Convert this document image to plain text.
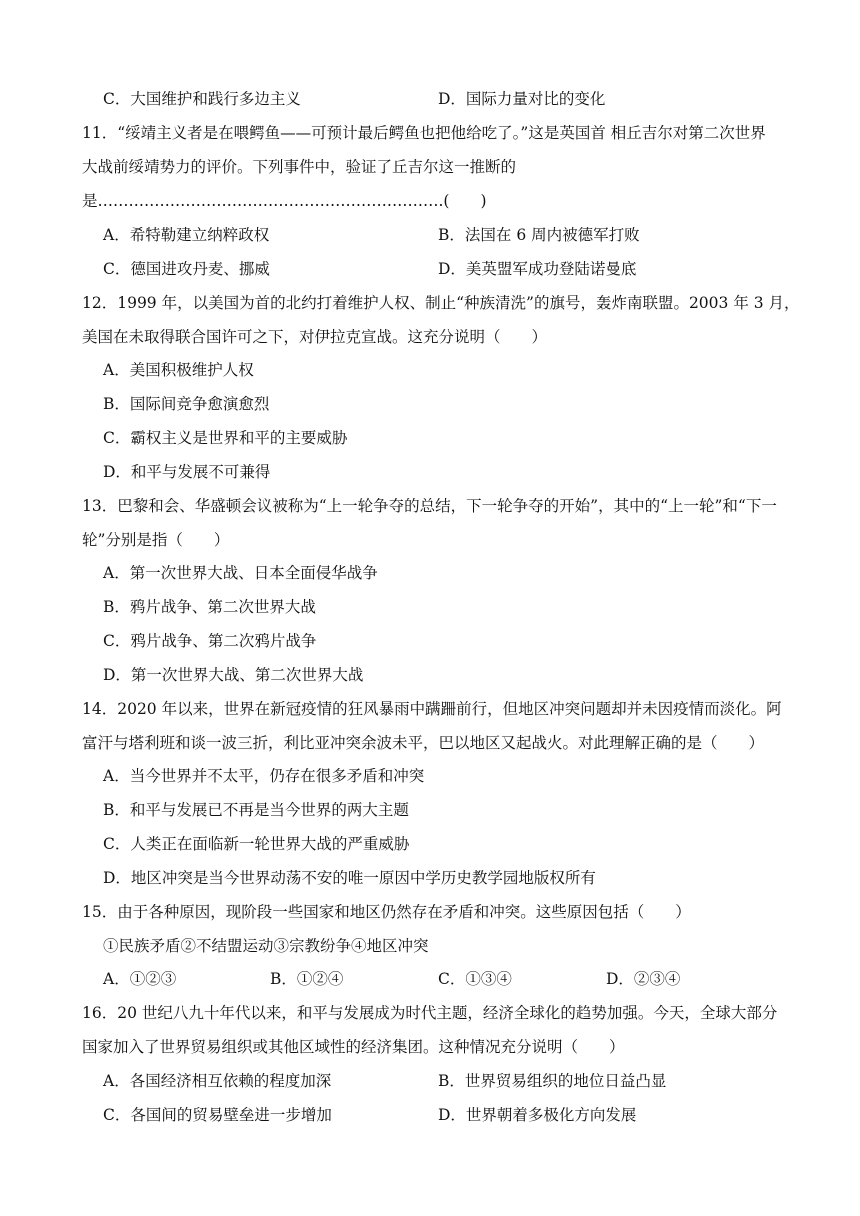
C．大国维护和践行多边主义	D．国际力量对比的变化
11．“绥靖主义者是在喂鳄鱼——可预计最后鳄鱼也把他给吃了。”这是英国首 相丘吉尔对第二次世界
大战前绥靖势力的评价。下列事件中，验证了丘吉尔这一推断的
是………………………………………………………….(　　)
A．希特勒建立纳粹政权	B．法国在 6 周内被德军打败
C．德国进攻丹麦、挪威	D．美英盟军成功登陆诺曼底
12．1999 年，以美国为首的北约打着维护人权、制止“种族清洗”的旗号，轰炸南联盟。2003 年 3 月，
美国在未取得联合国许可之下，对伊拉克宣战。这充分说明（　　）
A．美国积极维护人权
B．国际间竞争愈演愈烈
C．霸权主义是世界和平的主要威胁
D．和平与发展不可兼得
13．巴黎和会、华盛顿会议被称为“上一轮争夺的总结，下一轮争夺的开始”，其中的“上一轮”和“下一
轮”分别是指（　　）
A．第一次世界大战、日本全面侵华战争
B．鸦片战争、第二次世界大战
C．鸦片战争、第二次鸦片战争
D．第一次世界大战、第二次世界大战
14．2020 年以来，世界在新冠疫情的狂风暴雨中蹒跚前行，但地区冲突问题却并未因疫情而淡化。阿
富汗与塔利班和谈一波三折，利比亚冲突余波未平，巴以地区又起战火。对此理解正确的是（　　）
A．当今世界并不太平，仍存在很多矛盾和冲突
B．和平与发展已不再是当今世界的两大主题
C．人类正在面临新一轮世界大战的严重威胁
D．地区冲突是当今世界动荡不安的唯一原因中学历史教学园地版权所有
15．由于各种原因，现阶段一些国家和地区仍然存在矛盾和冲突。这些原因包括（　　）
①民族矛盾②不结盟运动③宗教纷争④地区冲突
A．①②③	B．①②④	C．①③④	D．②③④
16．20 世纪八九十年代以来，和平与发展成为时代主题，经济全球化的趋势加强。今天，全球大部分
国家加入了世界贸易组织或其他区域性的经济集团。这种情况充分说明（　　）
A．各国经济相互依赖的程度加深	B．世界贸易组织的地位日益凸显
C．各国间的贸易壁垒进一步增加	D．世界朝着多极化方向发展
